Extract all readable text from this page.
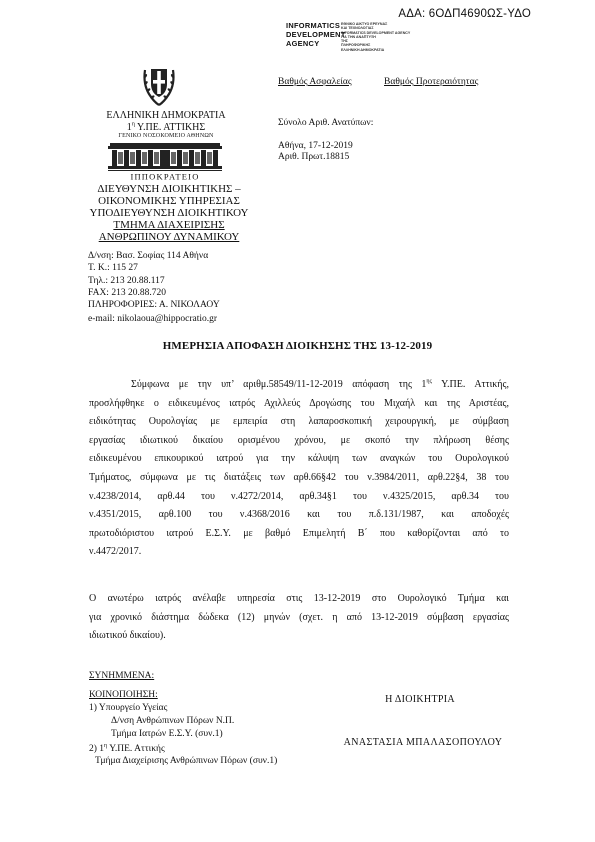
ΑΔΑ: 6ΟΔΠ4690ΩΣ-ΥΔΟ
INFORMATICS
DEVELOPMENT
AGENCY
ΕΘΝΙΚΟ ΔΙΚΤΥΟ ΕΡΕΥΝΑΣ
ΚΑΙ ΤΕΧΝΟΛΟΓΙΑΣ
INFORMATICS DEVELOPMENT AGENCY
ΓΙΑ ΤΗΝ ΑΝΑΠΤΥΞΗ
ΤΗΣ
ΠΛΗΡΟΦΟΡΙΚΗΣ
ΕΛΛΗΝΙΚΗ ΔΗΜΟΚΡΑΤΙΑ
ΕΛΛΗΝΙΚΗ ΔΗΜΟΚΡΑΤΙΑ
$1^\eta$ Υ.ΠΕ. ΑΤΤΙΚΗΣ
ΓΕΝΙΚΟ ΝΟΣΟΚΟΜΕΙΟ ΑΘΗΝΩΝ
ΙΠΠΟΚΡΑΤΕΙΟ
ΔΙΕΥΘΥΝΣΗ ΔΙΟΙΚΗΤΙΚΗΣ –
ΟΙΚΟΝΟΜΙΚΗΣ ΥΠΗΡΕΣΙΑΣ
ΥΠΟΔΙΕΥΘΥΝΣΗ ΔΙΟΙΚΗΤΙΚΟΥ
ΤΜΗΜΑ ΔΙΑΧΕΙΡΙΣΗΣ
ΑΝΘΡΩΠΙΝΟΥ ΔΥΝΑΜΙΚΟΥ
Δ/νση: Βασ. Σοφίας 114 Αθήνα
Τ. Κ.: 115 27
Τηλ.: 213 20.88.117
FAX: 213 20.88.720
ΠΛΗΡΟΦΟΡΙΕΣ: Α. ΝΙΚΟΛΑΟΥ
e-mail: nikolaoua@hippocratio.gr
Βαθμός Ασφαλείας	Βαθμός Προτεραιότητας
Σύνολο Αριθ. Ανατύπων:
Αθήνα, 17-12-2019
Αριθ. Πρωτ.18815
ΗΜΕΡΗΣΙΑ ΑΠΟΦΑΣΗ ΔΙΟΙΚΗΣΗΣ ΤΗΣ 13-12-2019
Σύμφωνα με την υπ’ αριθμ.58549/11-12-2019 απόφαση της $1^{\eta\varsigma}$ Υ.ΠΕ. Αττικής,
προσλήφθηκε ο ειδικευμένος ιατρός Αχιλλεύς Δρογώσης του Μιχαήλ και της Αριστέας,
ειδικότητας Ουρολογίας με εμπειρία στη λαπαροσκοπική χειρουργική, με σύμβαση
εργασίας ιδιωτικού δικαίου ορισμένου χρόνου, με σκοπό την πλήρωση θέσης
ειδικευμένου επικουρικού ιατρού για την κάλυψη των αναγκών του Ουρολογικού
Τμήματος, σύμφωνα με τις διατάξεις των αρθ.66§42 του ν.3984/2011, αρθ.22§4, 38 του
ν.4238/2014, αρθ.44 του ν.4272/2014, αρθ.34§1 του ν.4325/2015, αρθ.34 του
ν.4351/2015, αρθ.100 του ν.4368/2016 και του π.δ.131/1987, και αποδοχές
πρωτοδιόριστου ιατρού Ε.Σ.Υ. με βαθμό Επιμελητή Β΄ που καθορίζονται από το
ν.4472/2017.
Ο ανωτέρω ιατρός ανέλαβε υπηρεσία στις 13-12-2019 στο Ουρολογικό Τμήμα και
για χρονικό διάστημα δώδεκα (12) μηνών (σχετ. η από 13-12-2019 σύμβαση εργασίας
ιδιωτικού δικαίου).
ΣΥΝΗΜΜΕΝΑ:
ΚΟΙΝΟΠΟΙΗΣΗ:
1) Υπουργείο Υγείας
Δ/νση Ανθρώπινων Πόρων Ν.Π.
Τμήμα Ιατρών Ε.Σ.Υ. (συν.1)
2) $1^\eta$ Υ.ΠΕ. Αττικής
Τμήμα Διαχείρισης Ανθρώπινων Πόρων (συν.1)
Η ΔΙΟΙΚΗΤΡΙΑ
ΑΝΑΣΤΑΣΙΑ ΜΠΑΛΑΣΟΠΟΥΛΟΥ
